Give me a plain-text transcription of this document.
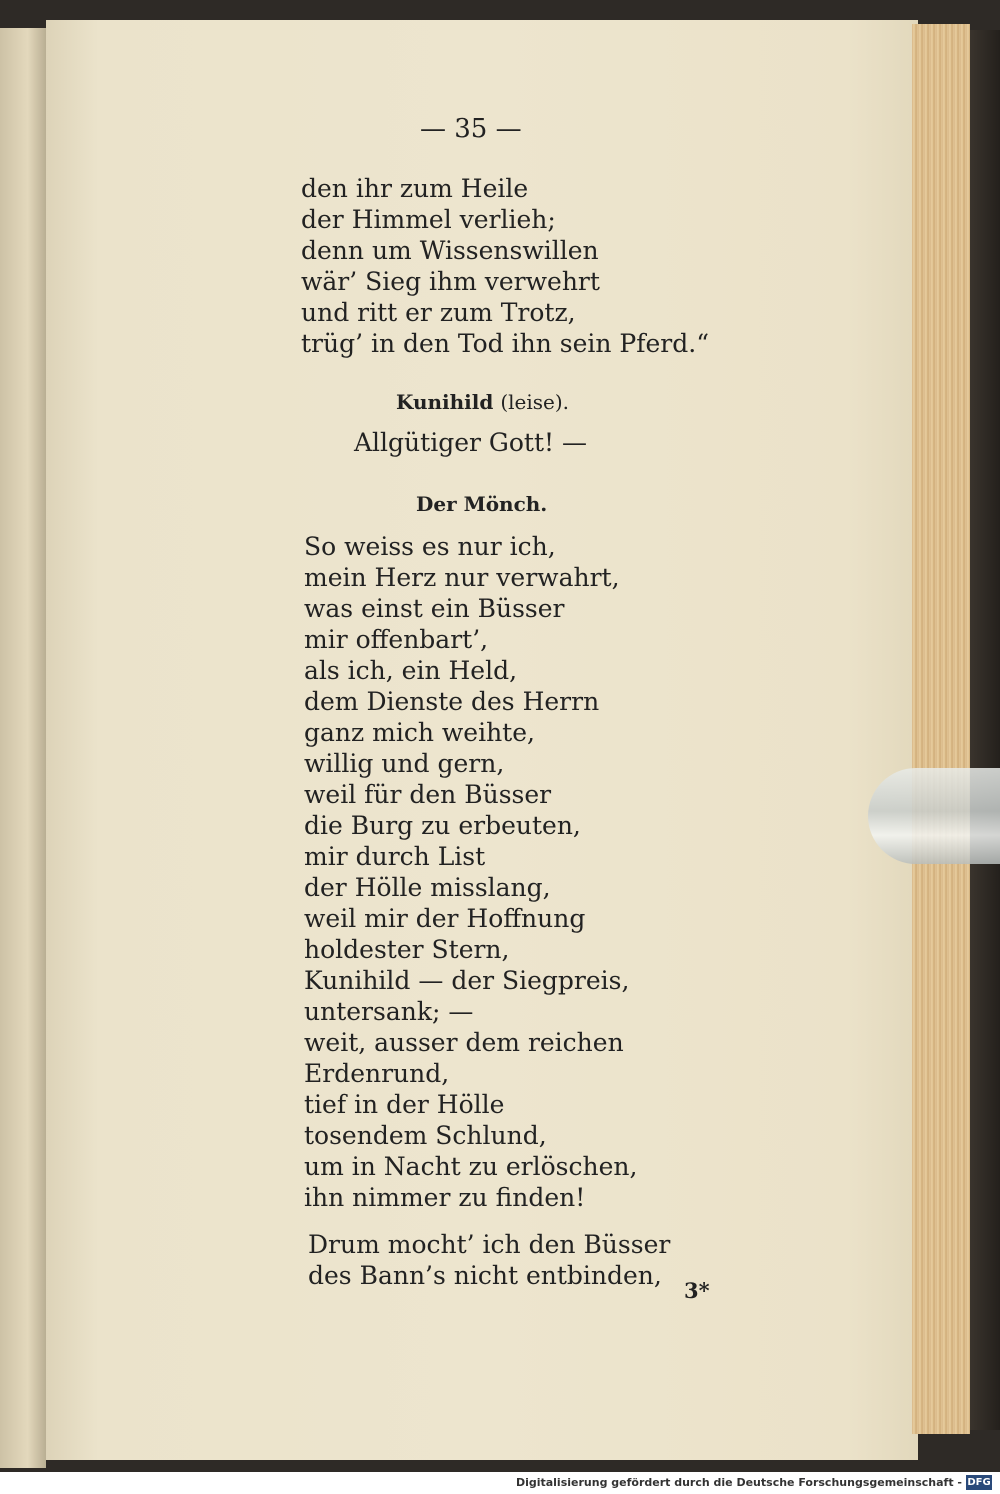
— 35 —

den ihr zum Heile

der Himmel verlieh;

denn um Wissenswillen

wär’ Sieg ihm verwehrt

und ritt er zum Trotz,

trüg’ in den Tod ihn sein Pferd.“

Kunihild (leise).

Allgütiger Gott! —

Der Mönch.

So weiss es nur ich,

mein Herz nur verwahrt,

was einst ein Büsser

mir offenbart’,

als ich, ein Held,

dem Dienste des Herrn

ganz mich weihte,

willig und gern,

weil für den Büsser

die Burg zu erbeuten,

mir durch List

der Hölle misslang,

weil mir der Hoffnung

holdester Stern,

Kunihild — der Siegpreis,

untersank; —

weit, ausser dem reichen

Erdenrund,

tief in der Hölle

tosendem Schlund,

um in Nacht zu erlöschen,

ihn nimmer zu finden!

Drum mocht’ ich den Büsser

des Bann’s nicht entbinden,

3*

Digitalisierung gefördert durch die Deutsche Forschungsgemeinschaft - DFG
